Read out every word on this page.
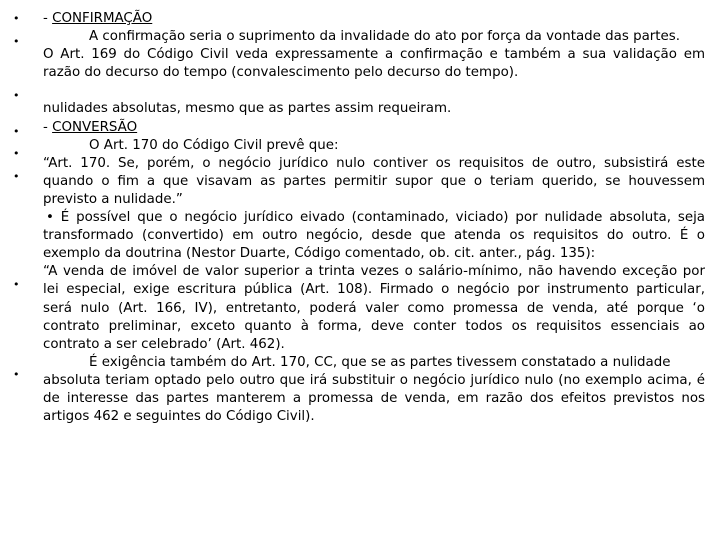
•
•
•
•
•
•
•
•
- CONFIRMAÇÃO
A confirmação seria o suprimento da invalidade do ato por força da vontade das partes.
O Art. 169 do Código Civil veda expressamente a confirmação e também a sua validação em
razão do decurso do tempo (convalescimento pelo decurso do tempo).
nulidades absolutas, mesmo que as partes assim requeiram.
- CONVERSÃO
O Art. 170 do Código Civil prevê que:
“Art. 170. Se, porém, o negócio jurídico nulo contiver os requisitos de outro, subsistirá este
quando o fim a que visavam as partes permitir supor que o teriam querido, se houvessem
previsto a nulidade.”
• É possível que o negócio jurídico eivado (contaminado, viciado) por nulidade absoluta, seja
transformado (convertido) em outro negócio, desde que atenda os requisitos do outro. É o
exemplo da doutrina (Nestor Duarte, Código comentado, ob. cit. anter., pág. 135):
“A venda de imóvel de valor superior a trinta vezes o salário-mínimo, não havendo exceção por
lei especial, exige escritura pública (Art. 108). Firmado o negócio por instrumento particular,
será nulo (Art. 166, IV), entretanto, poderá valer como promessa de venda, até porque ‘o
contrato preliminar, exceto quanto à forma, deve conter todos os requisitos essenciais ao
contrato a ser celebrado’ (Art. 462).
É exigência também do Art. 170, CC, que se as partes tivessem constatado a nulidade
absoluta teriam optado pelo outro que irá substituir o negócio jurídico nulo (no exemplo acima, é
de interesse das partes manterem a promessa de venda, em razão dos efeitos previstos nos
artigos 462 e seguintes do Código Civil).
